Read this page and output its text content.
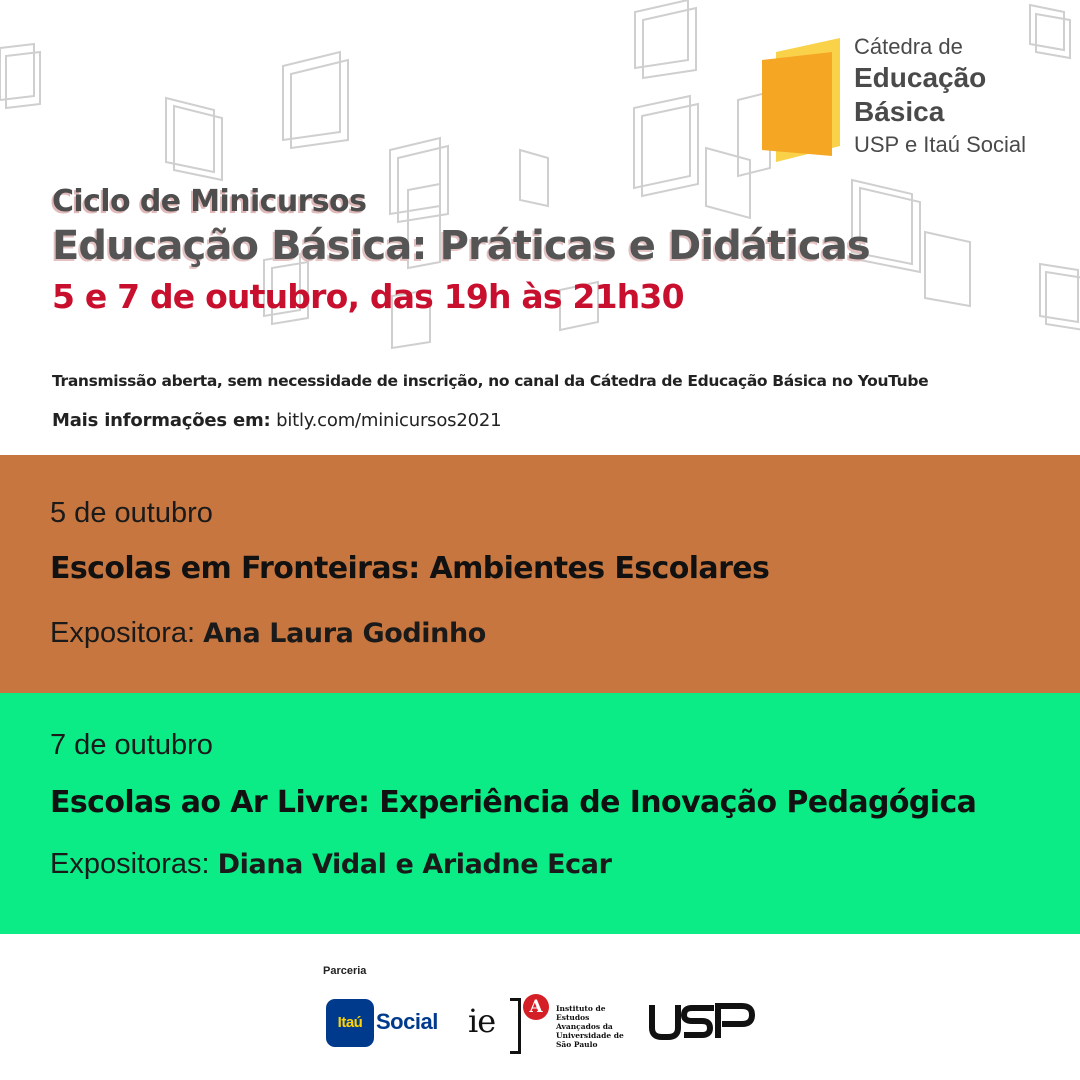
Cátedra de
Educação
Básica
USP e Itaú Social
Ciclo de Minicursos
Educação Básica: Práticas e Didáticas
5 e 7 de outubro, das 19h às 21h30
Transmissão aberta, sem necessidade de inscrição, no canal da Cátedra de Educação Básica no YouTube
Mais informações em: bitly.com/minicursos2021
5 de outubro
Escolas em Fronteiras: Ambientes Escolares
Expositora: Ana Laura Godinho
7 de outubro
Escolas ao Ar Livre: Experiência de Inovação Pedagógica
Expositoras: Diana Vidal e Ariadne Ecar
Parceria
Itaú Social ie	A	Instituto de
Estudos
Avançados da
Universidade de
São Paulo
